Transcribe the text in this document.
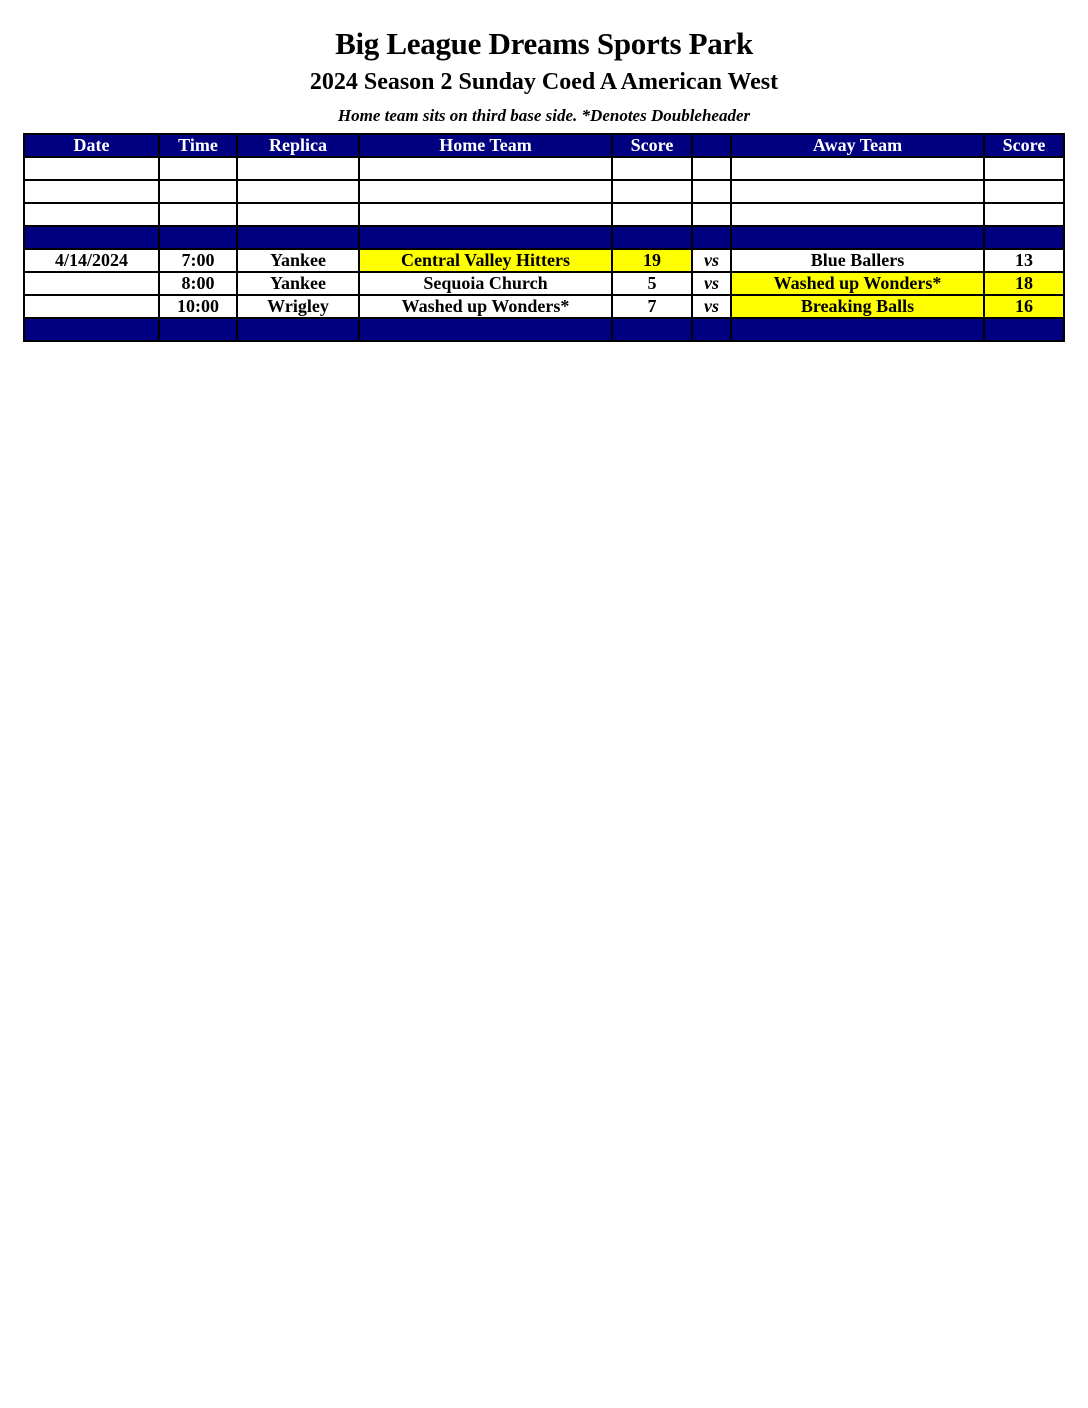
Big League Dreams Sports Park
2024 Season 2 Sunday Coed A American West
Home team sits on third base side. *Denotes Doubleheader
Date	Time	Replica	Home Team	Score		Away Team	Score

4/14/2024	7:00	Yankee	Central Valley Hitters	19	vs	Blue Ballers	13
	8:00	Yankee	Sequoia Church	5	vs	Washed up Wonders*	18
	10:00	Wrigley	Washed up Wonders*	7	vs	Breaking Balls	16
